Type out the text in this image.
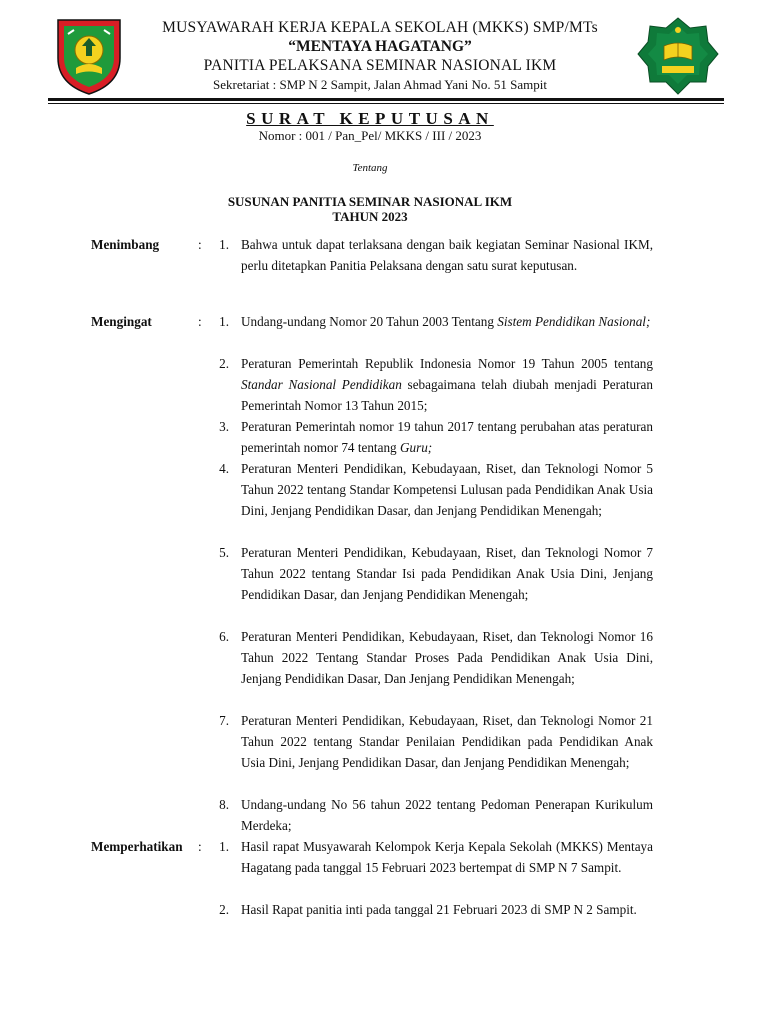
MUSYAWARAH KERJA KEPALA SEKOLAH (MKKS) SMP/MTs
“MENTAYA HAGATANG”
PANITIA PELAKSANA SEMINAR NASIONAL IKM
Sekretariat : SMP N 2 Sampit, Jalan Ahmad Yani No. 51 Sampit
SURAT KEPUTUSAN
Nomor : 001 / Pan_Pel/ MKKS / III / 2023
Tentang
SUSUNAN PANITIA SEMINAR NASIONAL IKM
TAHUN 2023
Menimbang	:	1. Bahwa untuk dapat terlaksana dengan baik kegiatan Seminar Nasional IKM, perlu ditetapkan Panitia Pelaksana dengan satu surat keputusan.
Mengingat	:	1. Undang-undang Nomor 20 Tahun 2003 Tentang Sistem Pendidikan Nasional;
2. Peraturan Pemerintah Republik Indonesia Nomor 19 Tahun 2005 tentang Standar Nasional Pendidikan sebagaimana telah diubah menjadi Peraturan Pemerintah Nomor 13 Tahun 2015;
3. Peraturan Pemerintah nomor 19 tahun 2017 tentang perubahan atas peraturan pemerintah nomor 74 tentang Guru;
4. Peraturan Menteri Pendidikan, Kebudayaan, Riset, dan Teknologi Nomor 5 Tahun 2022 tentang Standar Kompetensi Lulusan pada Pendidikan Anak Usia Dini, Jenjang Pendidikan Dasar, dan Jenjang Pendidikan Menengah;
5. Peraturan Menteri Pendidikan, Kebudayaan, Riset, dan Teknologi Nomor 7 Tahun 2022 tentang Standar Isi pada Pendidikan Anak Usia Dini, Jenjang Pendidikan Dasar, dan Jenjang Pendidikan Menengah;
6. Peraturan Menteri Pendidikan, Kebudayaan, Riset, dan Teknologi Nomor 16 Tahun 2022 Tentang Standar Proses Pada Pendidikan Anak Usia Dini, Jenjang Pendidikan Dasar, Dan Jenjang Pendidikan Menengah;
7. Peraturan Menteri Pendidikan, Kebudayaan, Riset, dan Teknologi Nomor 21 Tahun 2022 tentang Standar Penilaian Pendidikan pada Pendidikan Anak Usia Dini, Jenjang Pendidikan Dasar, dan Jenjang Pendidikan Menengah;
8. Undang-undang No 56 tahun 2022 tentang Pedoman Penerapan Kurikulum Merdeka;
Memperhatikan :	1. Hasil rapat Musyawarah Kelompok Kerja Kepala Sekolah (MKKS) Mentaya Hagatang pada tanggal 15 Februari 2023 bertempat di SMP N 7 Sampit.
2. Hasil Rapat panitia inti pada tanggal 21 Februari 2023 di SMP N 2 Sampit.
